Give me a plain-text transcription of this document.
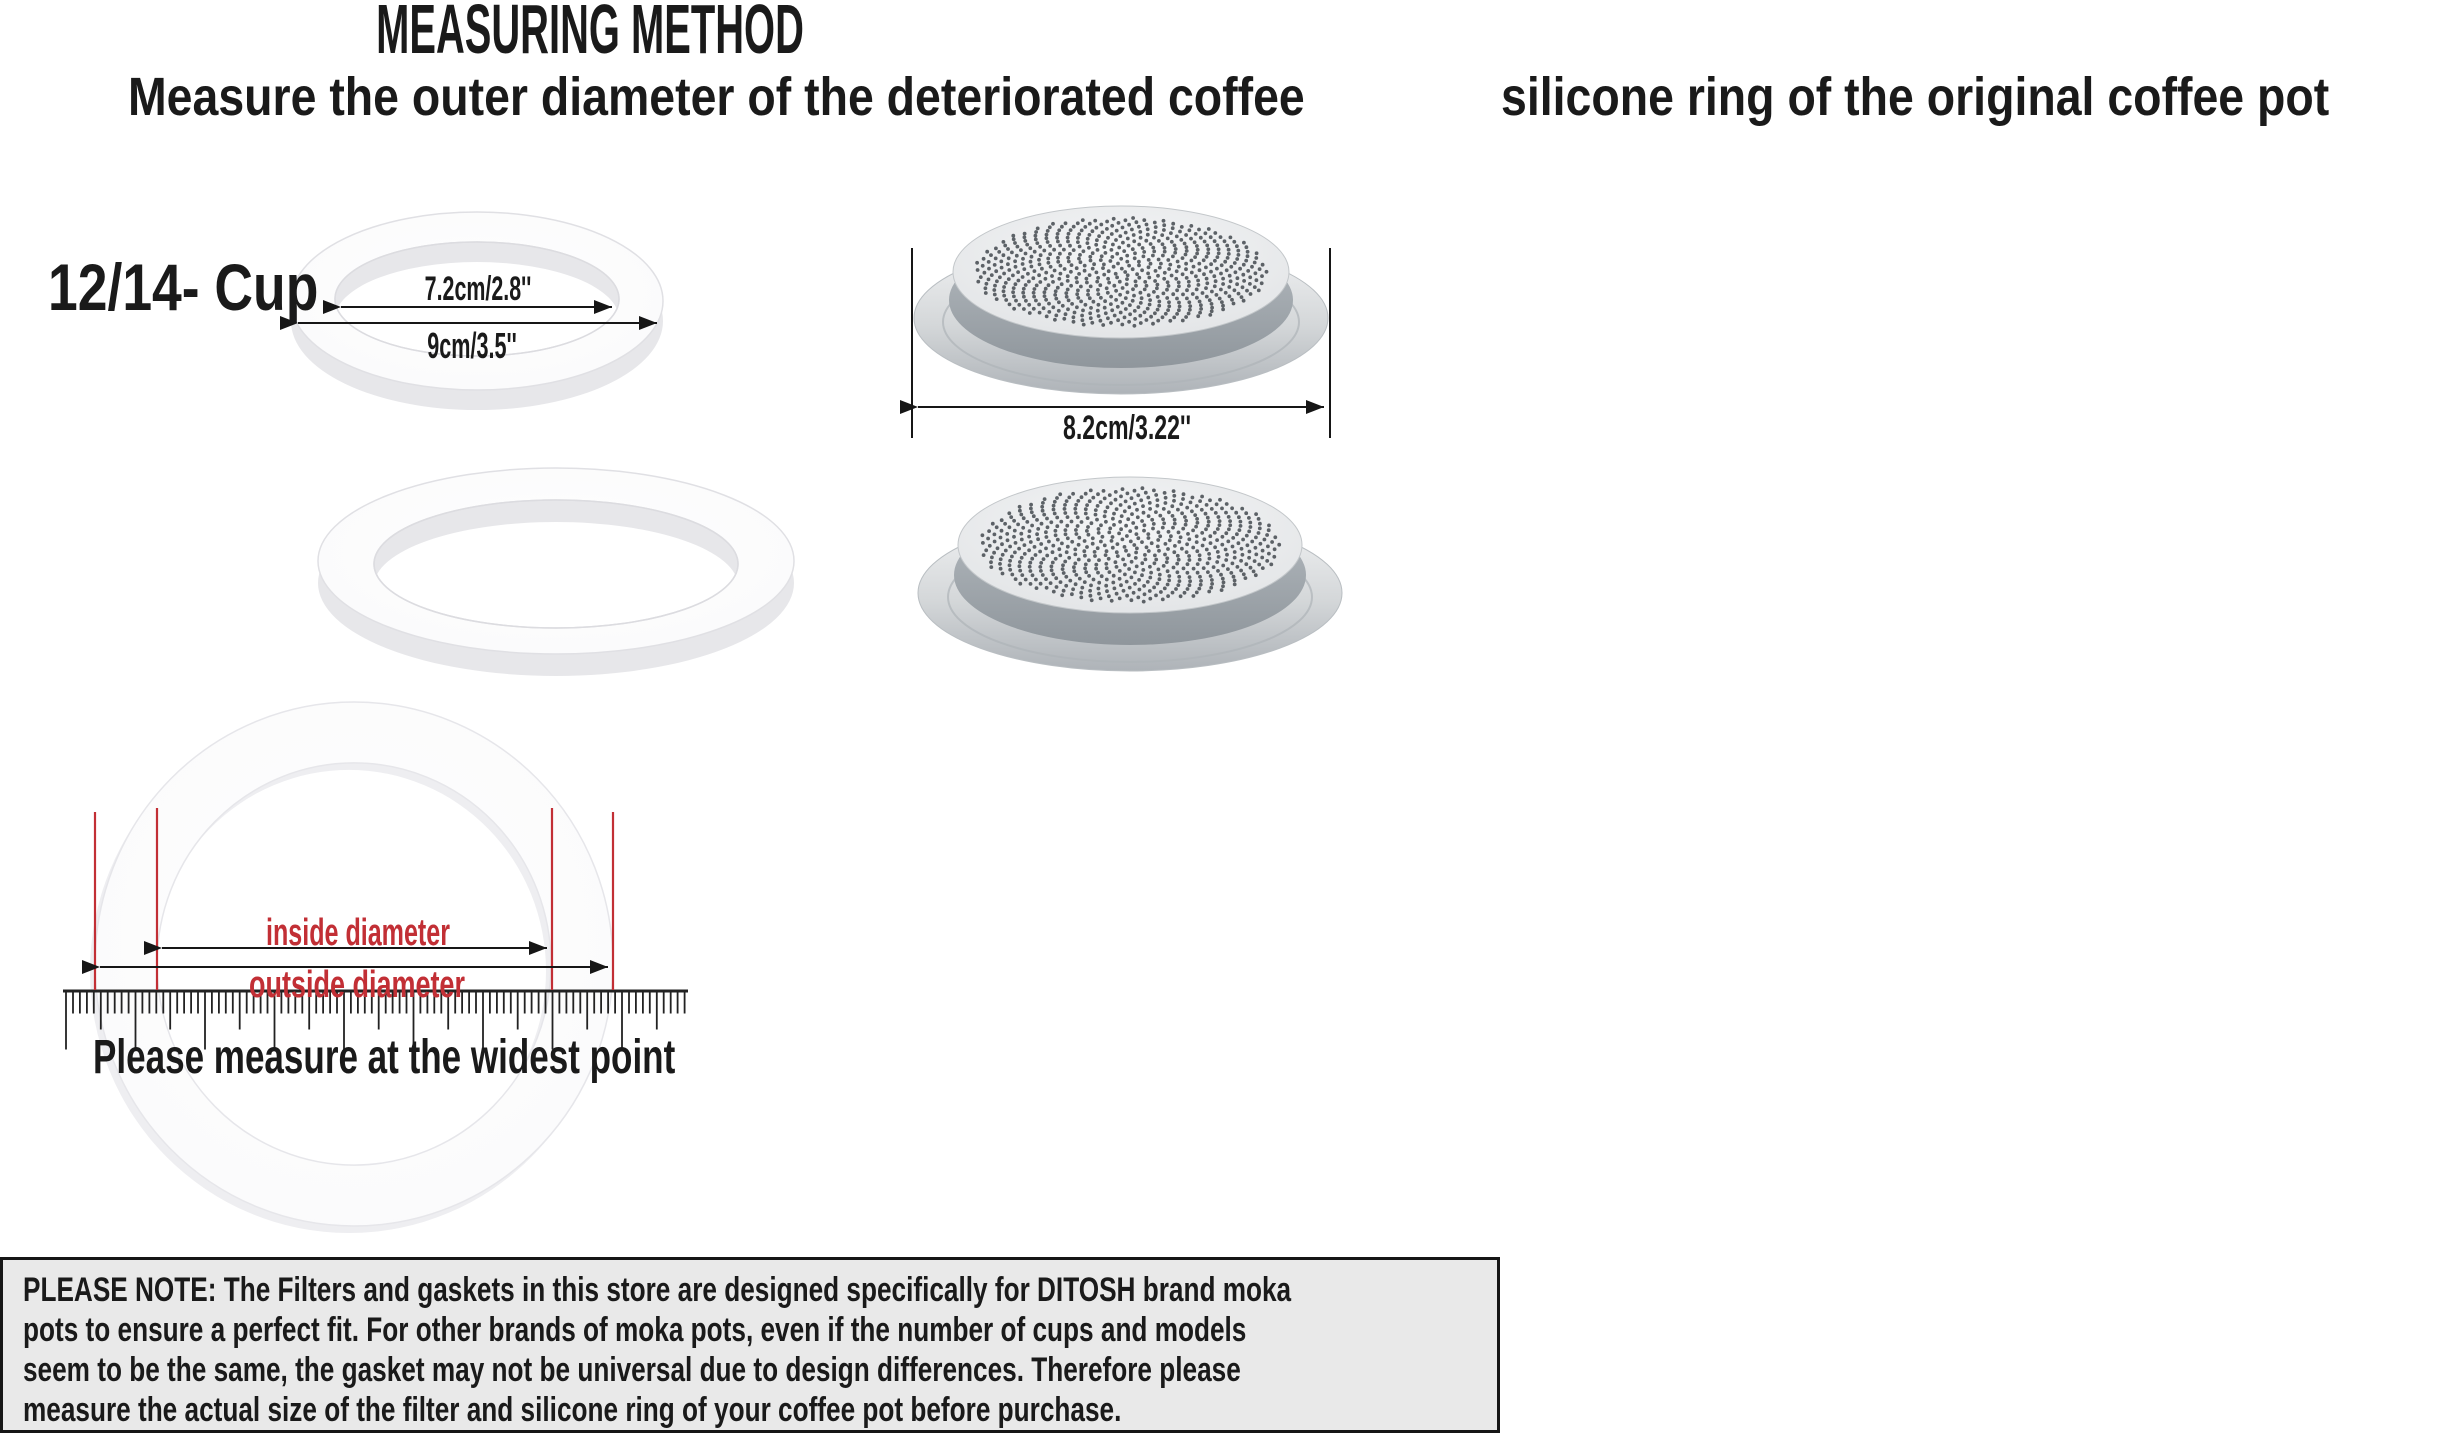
MEASURING METHOD
Measure the outer diameter of the deteriorated coffee	silicone ring of the original coffee pot
12/14- Cup	7.2cm/2.8''
9cm/3.5''
8.2cm/3.22''
inside diameter
outside diameter
Please measure at the widest point
PLEASE NOTE: The Filters and gaskets in this store are designed specifically for DITOSH brand moka
pots to ensure a perfect fit. For other brands of moka pots, even if the number of cups and models
seem to be the same, the gasket may not be universal due to design differences. Therefore please
measure the actual size of the filter and silicone ring of your coffee pot before purchase.
